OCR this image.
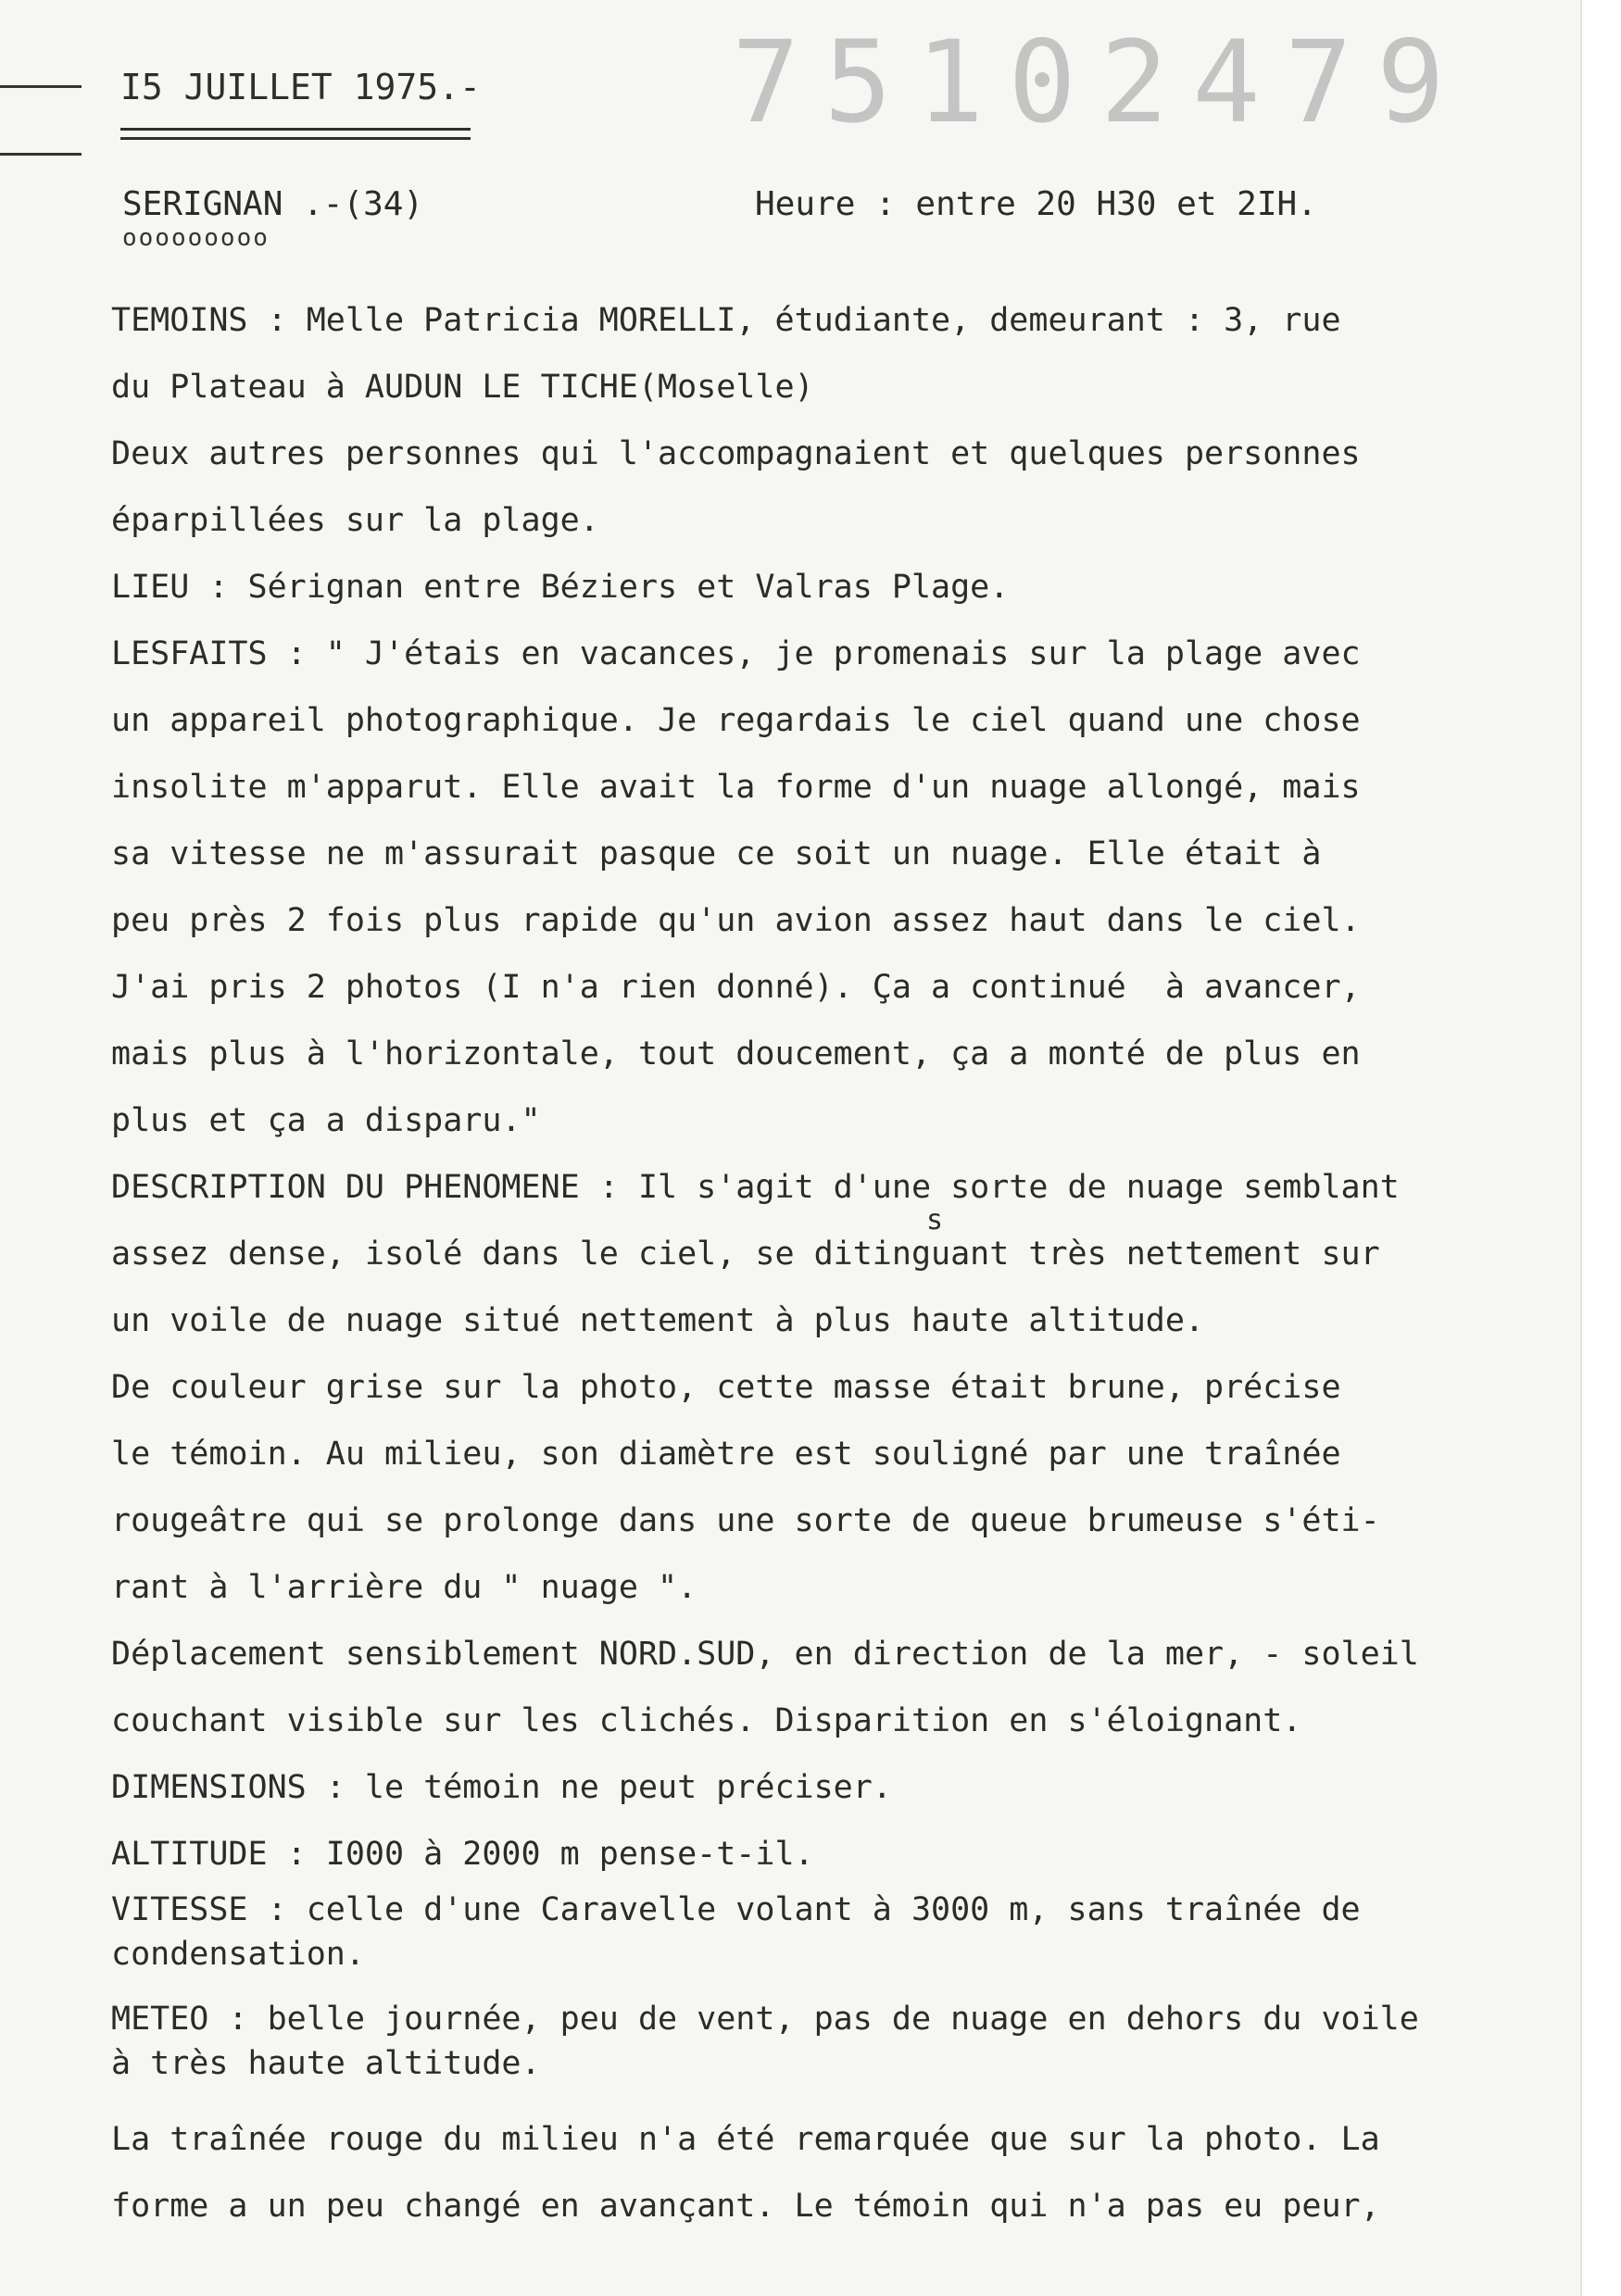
75102479
I5 JUILLET 1975.-
SERIGNAN .-(34)
ooooooooo
Heure : entre 20 H30 et 2IH.
s
TEMOINS : Melle Patricia MORELLI, étudiante, demeurant : 3, rue
du Plateau à AUDUN LE TICHE(Moselle)
Deux autres personnes qui l'accompagnaient et quelques personnes
éparpillées sur la plage.
LIEU : Sérignan entre Béziers et Valras Plage.
LESFAITS : " J'étais en vacances, je promenais sur la plage avec
un appareil photographique. Je regardais le ciel quand une chose
insolite m'apparut. Elle avait la forme d'un nuage allongé, mais
sa vitesse ne m'assurait pasque ce soit un nuage. Elle était à
peu près 2 fois plus rapide qu'un avion assez haut dans le ciel.
J'ai pris 2 photos (I n'a rien donné). Ça a continué  à avancer,
mais plus à l'horizontale, tout doucement, ça a monté de plus en
plus et ça a disparu."
DESCRIPTION DU PHENOMENE : Il s'agit d'une sorte de nuage semblant
assez dense, isolé dans le ciel, se ditinguant très nettement sur
un voile de nuage situé nettement à plus haute altitude.
De couleur grise sur la photo, cette masse était brune, précise
le témoin. Au milieu, son diamètre est souligné par une traînée
rougeâtre qui se prolonge dans une sorte de queue brumeuse s'éti-
rant à l'arrière du " nuage ".
Déplacement sensiblement NORD.SUD, en direction de la mer, - soleil
couchant visible sur les clichés. Disparition en s'éloignant.
DIMENSIONS : le témoin ne peut préciser.
ALTITUDE : I000 à 2000 m pense-t-il.
VITESSE : celle d'une Caravelle volant à 3000 m, sans traînée de
condensation.
METEO : belle journée, peu de vent, pas de nuage en dehors du voile
à très haute altitude.
La traînée rouge du milieu n'a été remarquée que sur la photo. La
forme a un peu changé en avançant. Le témoin qui n'a pas eu peur,
